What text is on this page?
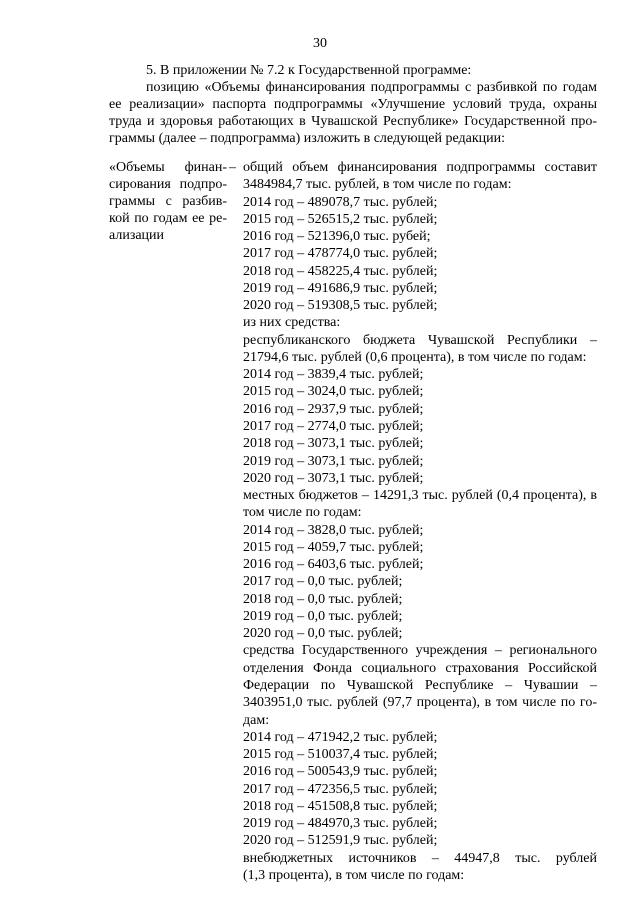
30
5. В приложении № 7.2 к Государственной программе:
позицию «Объемы финансирования подпрограммы с разбивкой по годам
ее реализации» паспорта подпрограммы «Улучшение условий труда, охраны
труда и здоровья работающих в Чувашской Республике» Государственной про-
граммы (далее – подпрограмма) изложить в следующей редакции:
«Объемы финан-
сирования подпро-
граммы с разбив-
кой по годам ее ре-
ализации
– общий объем финансирования подпрограммы составит
3484984,7 тыс. рублей, в том числе по годам:
2014 год – 489078,7 тыс. рублей;
2015 год – 526515,2 тыс. рублей;
2016 год – 521396,0 тыс. рубей;
2017 год – 478774,0 тыс. рублей;
2018 год – 458225,4 тыс. рублей;
2019 год – 491686,9 тыс. рублей;
2020 год – 519308,5 тыс. рублей;
из них средства:
республиканского бюджета Чувашской Республики –
21794,6 тыс. рублей (0,6 процента), в том числе по годам:
2014 год – 3839,4 тыс. рублей;
2015 год – 3024,0 тыс. рублей;
2016 год – 2937,9 тыс. рублей;
2017 год – 2774,0 тыс. рублей;
2018 год – 3073,1 тыс. рублей;
2019 год – 3073,1 тыс. рублей;
2020 год – 3073,1 тыс. рублей;
местных бюджетов – 14291,3 тыс. рублей (0,4 процента), в
том числе по годам:
2014 год – 3828,0 тыс. рублей;
2015 год – 4059,7 тыс. рублей;
2016 год – 6403,6 тыс. рублей;
2017 год – 0,0 тыс. рублей;
2018 год – 0,0 тыс. рублей;
2019 год – 0,0 тыс. рублей;
2020 год – 0,0 тыс. рублей;
средства Государственного учреждения – регионального
отделения Фонда социального страхования Российской
Федерации по Чувашской Республике – Чувашии –
3403951,0 тыс. рублей (97,7 процента), в том числе по го-
дам:
2014 год – 471942,2 тыс. рублей;
2015 год – 510037,4 тыс. рублей;
2016 год – 500543,9 тыс. рублей;
2017 год – 472356,5 тыс. рублей;
2018 год – 451508,8 тыс. рублей;
2019 год – 484970,3 тыс. рублей;
2020 год – 512591,9 тыс. рублей;
внебюджетных источников – 44947,8 тыс. рублей
(1,3 процента), в том числе по годам:
